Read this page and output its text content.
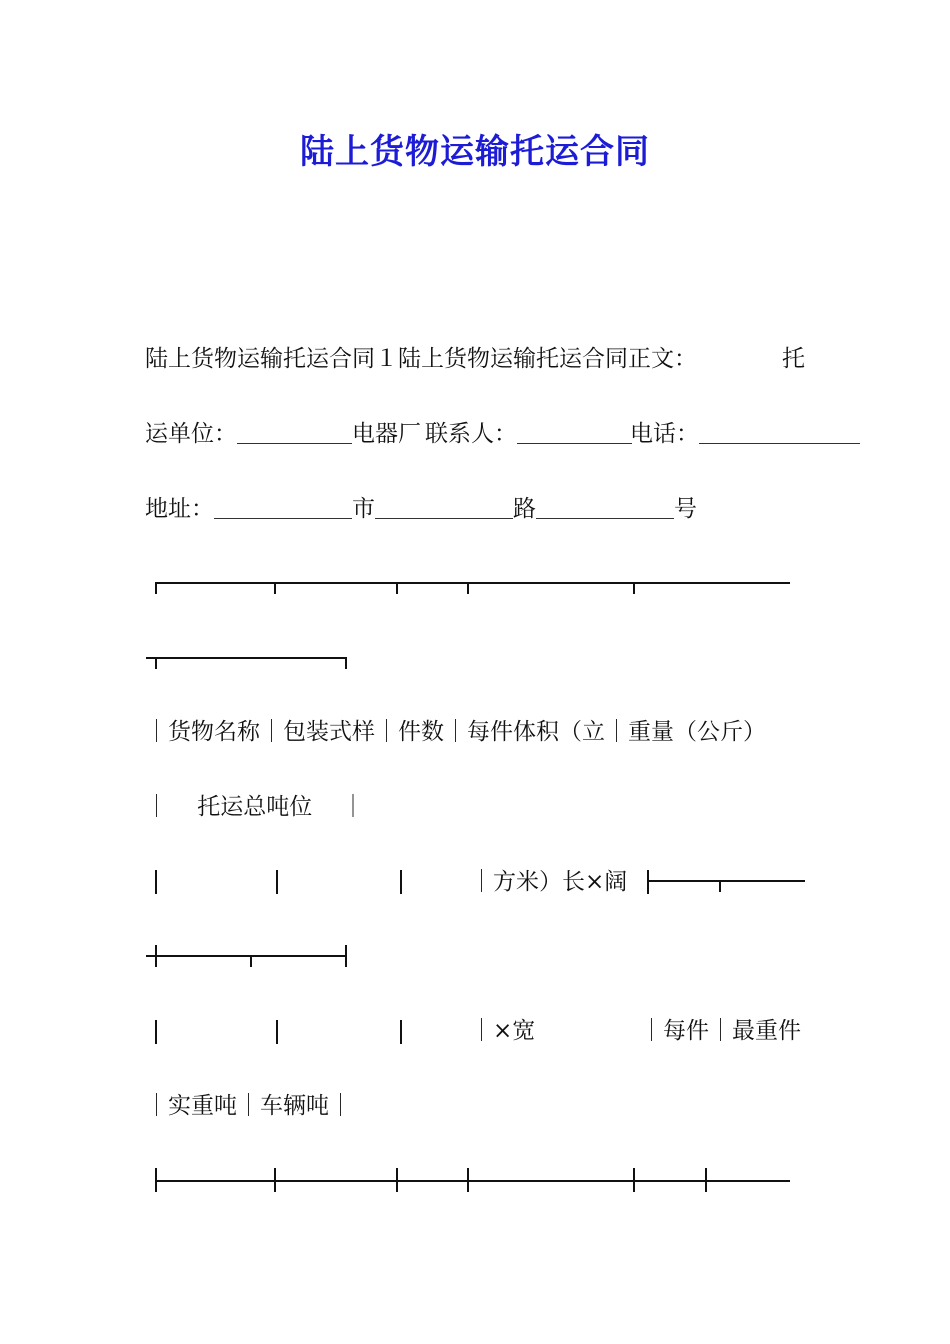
陆上货物运输托运合同
陆上货物运输托运合同１陆上货物运输托运合同正文：	托
运单位：＿＿＿＿＿电器厂 联系人：＿＿＿＿＿
电话：＿＿＿＿＿＿＿
地址：＿＿＿＿＿＿市＿＿＿＿＿＿路＿＿＿＿＿＿号
｜货物名称｜包装式样｜件数｜每件体积（立｜重量（公斤）
｜    托运总吨位    ｜
｜方米）长×阔
｜×宽	｜每件｜最重件
｜实重吨｜车辆吨｜
